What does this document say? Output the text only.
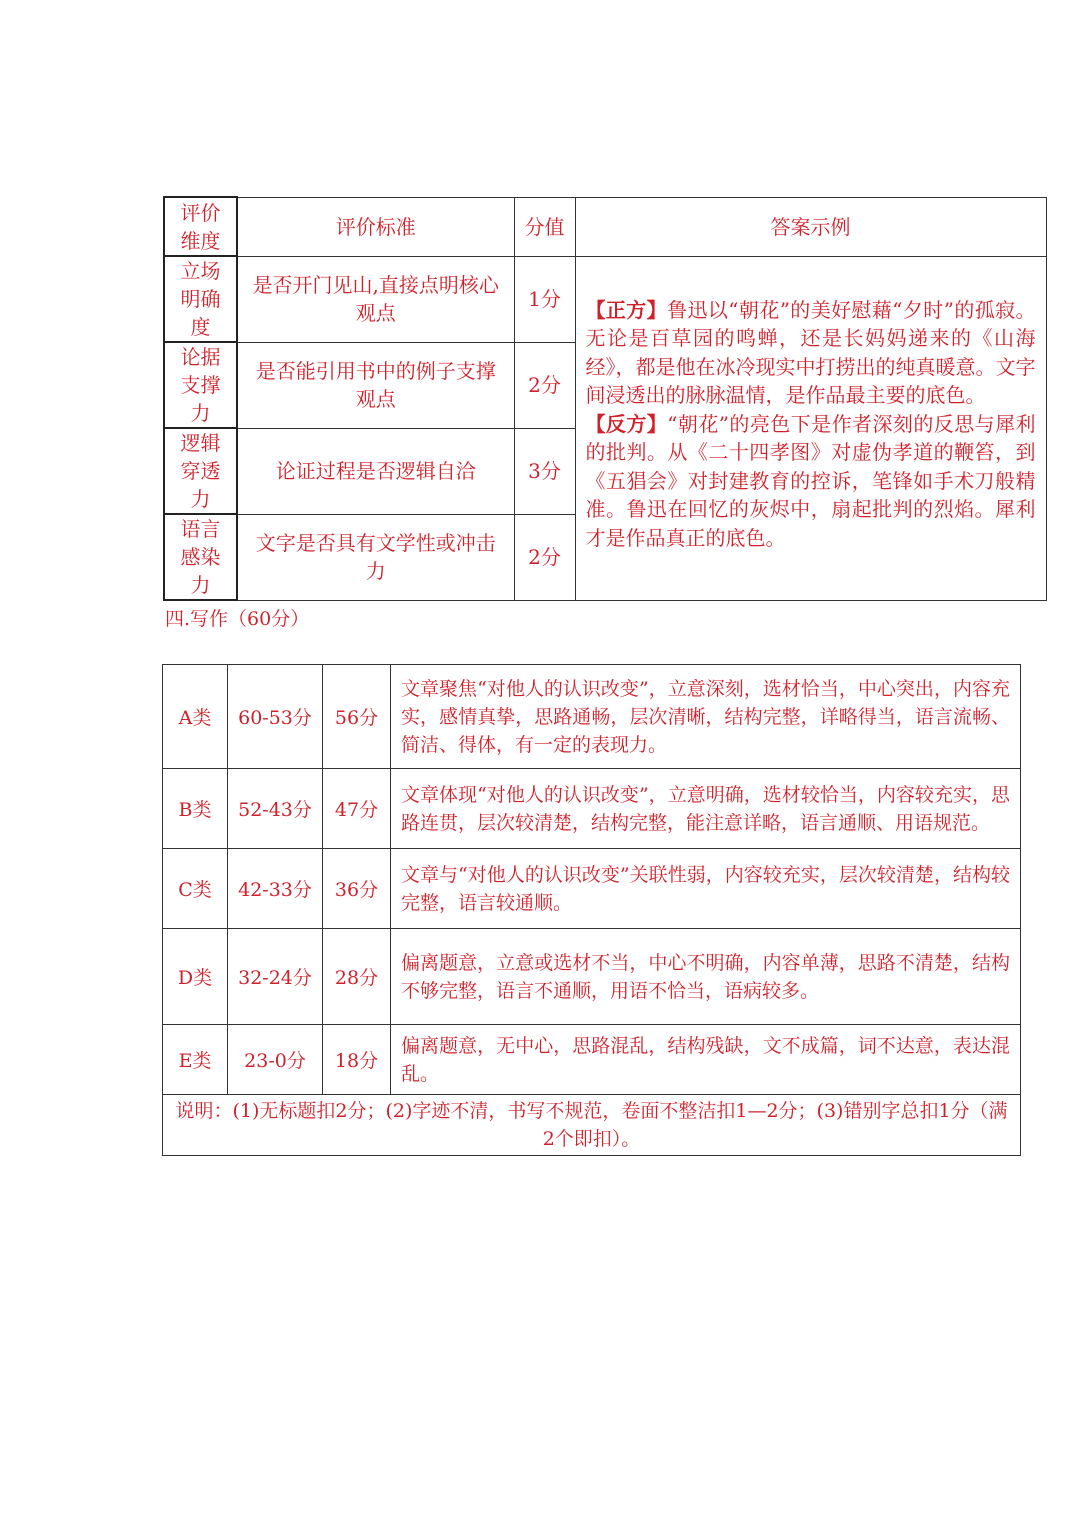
评价
维度	评价标准	分值	答案示例
立场
明确
度	是否开门见山,直接点明核心观点	1分	【正方】鲁迅以“朝花”的美好慰藉“夕时”的孤寂。无论是百草园的鸣蝉，还是长妈妈递来的《山海经》，都是他在冰冷现实中打捞出的纯真暖意。文字间浸透出的脉脉温情，是作品最主要的底色。
【反方】“朝花”的亮色下是作者深刻的反思与犀利的批判。从《二十四孝图》对虚伪孝道的鞭笞，到《五猖会》对封建教育的控诉，笔锋如手术刀般精准。鲁迅在回忆的灰烬中，扇起批判的烈焰。犀利才是作品真正的底色。

论据
支撑
力	是否能引用书中的例子支撑观点	2分	
逻辑
穿透
力	论证过程是否逻辑自洽	3分	
语言
感染
力	文字是否具有文学性或冲击力	2分	
四.写作（60分）
A类	60-53分	56分	文章聚焦“对他人的认识改变”，立意深刻，选材恰当，中心突出，内容充实，感情真挚，思路通畅，层次清晰，结构完整，详略得当，语言流畅、简洁、得体，有一定的表现力。
B类	52-43分	47分	文章体现“对他人的认识改变”，立意明确，选材较恰当，内容较充实，思路连贯，层次较清楚，结构完整，能注意详略，语言通顺、用语规范。
C类	42-33分	36分	文章与“对他人的认识改变”关联性弱，内容较充实，层次较清楚，结构较完整，语言较通顺。
D类	32-24分	28分	偏离题意，立意或选材不当，中心不明确，内容单薄，思路不清楚，结构不够完整，语言不通顺，用语不恰当，语病较多。
E类	23-0分	18分	偏离题意，无中心，思路混乱，结构残缺，文不成篇，词不达意，表达混乱。
说明：(1)无标题扣2分；(2)字迹不清，书写不规范，卷面不整洁扣1—2分；(3)错别字总扣1分（满2个即扣）。			
